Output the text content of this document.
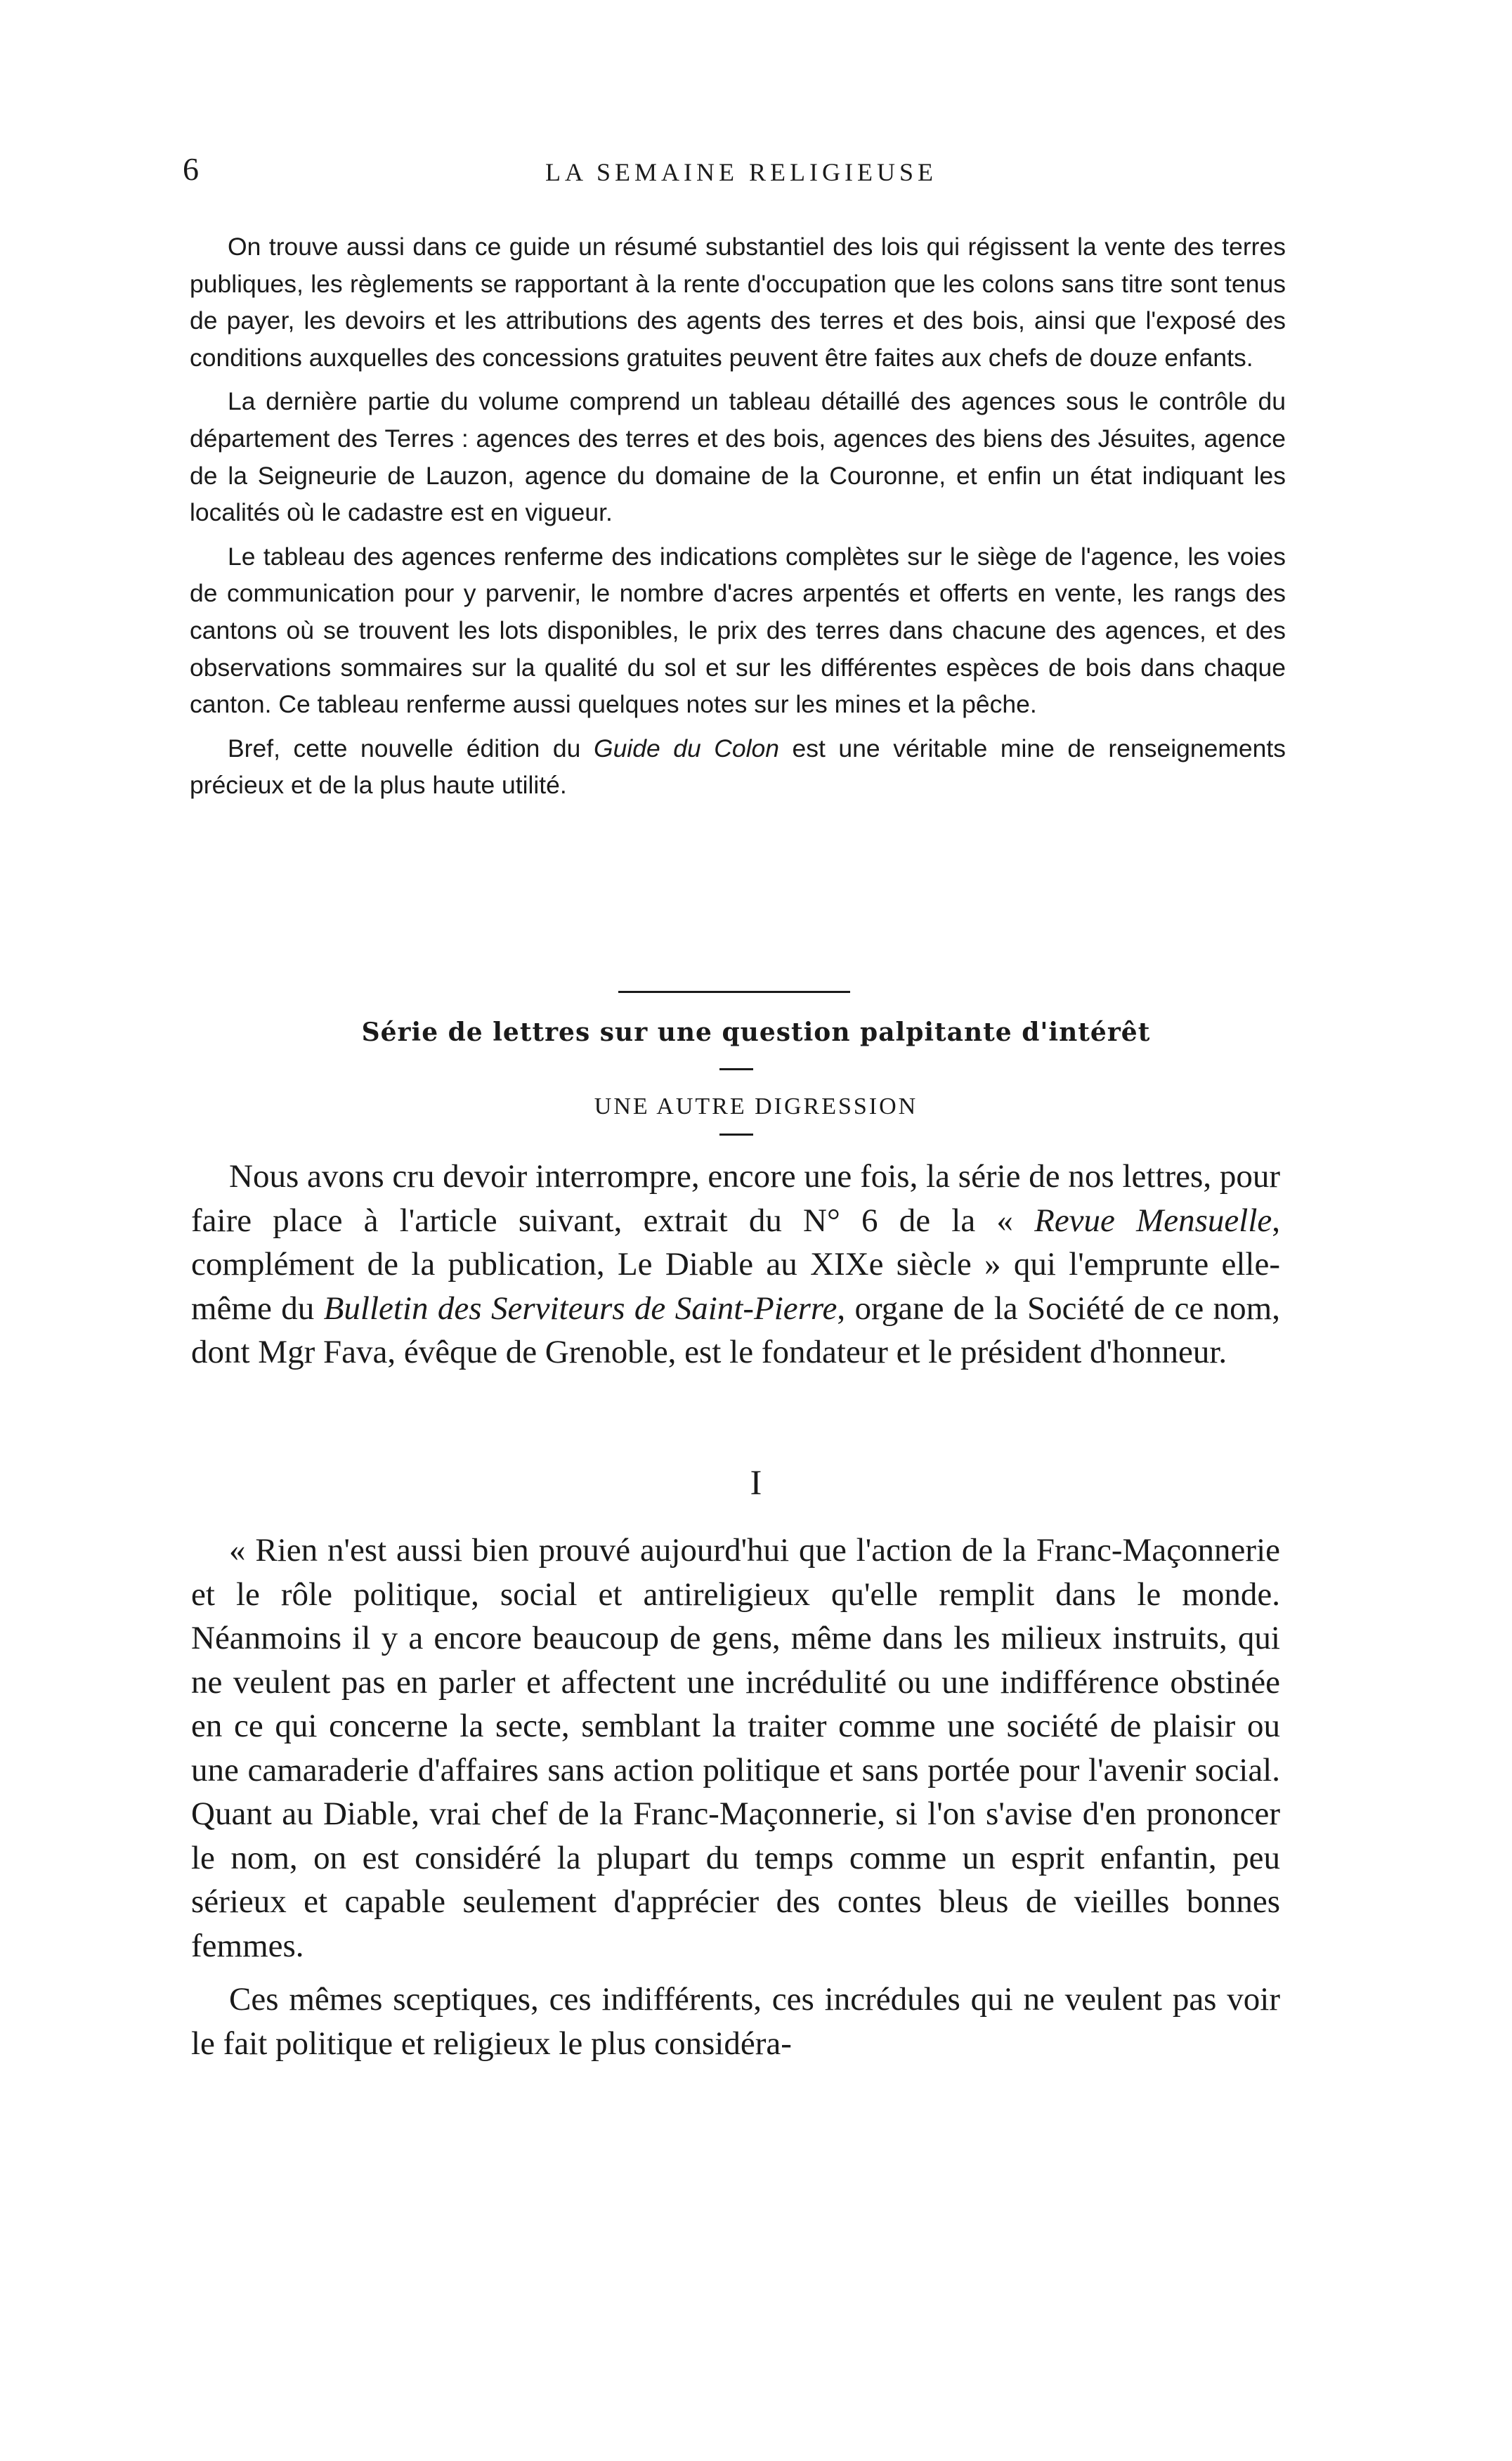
6	LA SEMAINE RELIGIEUSE

On trouve aussi dans ce guide un résumé substantiel des lois qui régissent la vente des terres publiques, les règlements se rapportant à la rente d'occupation que les colons sans titre sont tenus de payer, les devoirs et les attributions des agents des terres et des bois, ainsi que l'exposé des conditions auxquelles des concessions gratuites peuvent être faites aux chefs de douze enfants.

La dernière partie du volume comprend un tableau détaillé des agences sous le contrôle du département des Terres : agences des terres et des bois, agences des biens des Jésuites, agence de la Seigneurie de Lauzon, agence du domaine de la Couronne, et enfin un état indiquant les localités où le cadastre est en vigueur.

Le tableau des agences renferme des indications complètes sur le siège de l'agence, les voies de communication pour y parvenir, le nombre d'acres arpentés et offerts en vente, les rangs des cantons où se trouvent les lots disponibles, le prix des terres dans chacune des agences, et des observations sommaires sur la qualité du sol et sur les différentes espèces de bois dans chaque canton. Ce tableau renferme aussi quelques notes sur les mines et la pêche.

Bref, cette nouvelle édition du Guide du Colon est une véritable mine de renseignements précieux et de la plus haute utilité.

Série de lettres sur une question palpitante d'intérêt
UNE AUTRE DIGRESSION

Nous avons cru devoir interrompre, encore une fois, la série de nos lettres, pour faire place à l'article suivant, extrait du N° 6 de la « Revue Mensuelle, complément de la publication, Le Diable au XIXe siècle » qui l'emprunte elle-même du Bulletin des Serviteurs de Saint-Pierre, organe de la Société de ce nom, dont Mgr Fava, évêque de Grenoble, est le fondateur et le président d'honneur.

I

« Rien n'est aussi bien prouvé aujourd'hui que l'action de la Franc-Maçonnerie et le rôle politique, social et antireligieux qu'elle remplit dans le monde. Néanmoins il y a encore beaucoup de gens, même dans les milieux instruits, qui ne veulent pas en parler et affectent une incrédulité ou une indifférence obstinée en ce qui concerne la secte, semblant la traiter comme une société de plaisir ou une camaraderie d'affaires sans action politique et sans portée pour l'avenir social. Quant au Diable, vrai chef de la Franc-Maçonnerie, si l'on s'avise d'en prononcer le nom, on est considéré la plupart du temps comme un esprit enfantin, peu sérieux et capable seulement d'apprécier des contes bleus de vieilles bonnes femmes.

Ces mêmes sceptiques, ces indifférents, ces incrédules qui ne veulent pas voir le fait politique et religieux le plus considéra-
